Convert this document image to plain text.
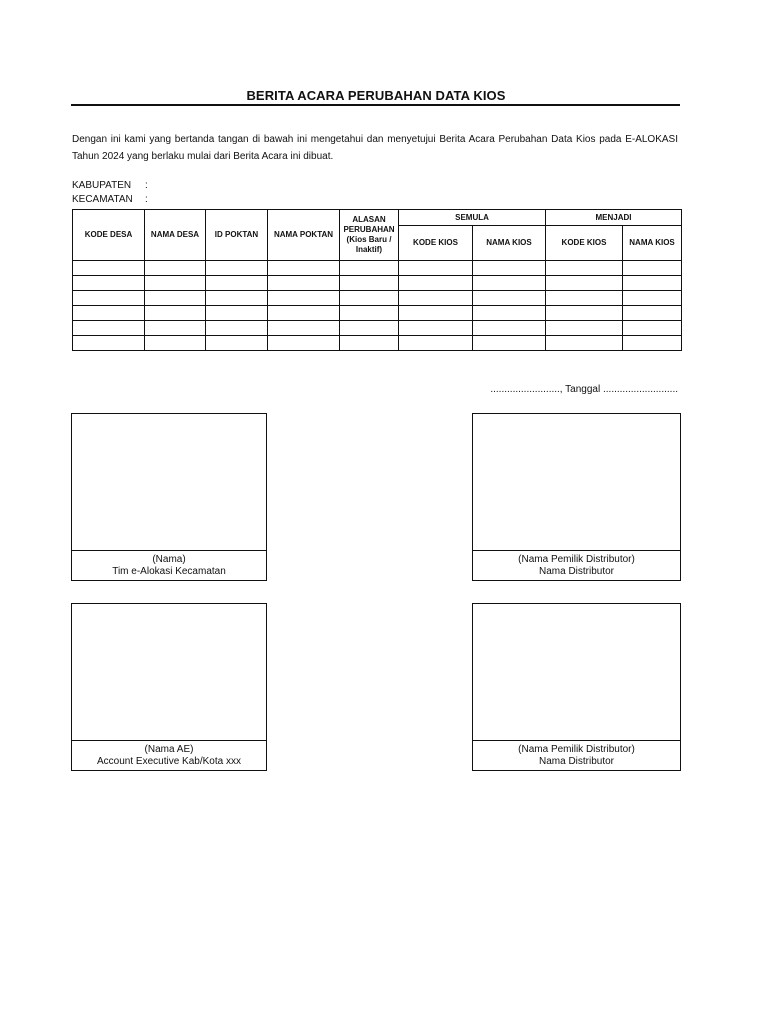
BERITA ACARA PERUBAHAN DATA KIOS
Dengan ini kami yang bertanda tangan di bawah ini mengetahui dan menyetujui Berita Acara Perubahan Data Kios pada E-ALOKASI Tahun 2024 yang berlaku mulai dari Berita Acara ini dibuat.
KABUPATEN :
KECAMATAN :
KODE DESA	NAMA DESA	ID POKTAN	NAMA POKTAN	ALASAN
PERUBAHAN
(Kios Baru /
Inaktif)	SEMULA		MENJADI	
					KODE KIOS	NAMA KIOS	KODE KIOS	NAMA KIOS

........................., Tanggal ...........................
(Nama)
Tim e-Alokasi Kecamatan
(Nama Pemilik Distributor)
Nama Distributor
(Nama AE)
Account Executive Kab/Kota xxx
(Nama Pemilik Distributor)
Nama Distributor
